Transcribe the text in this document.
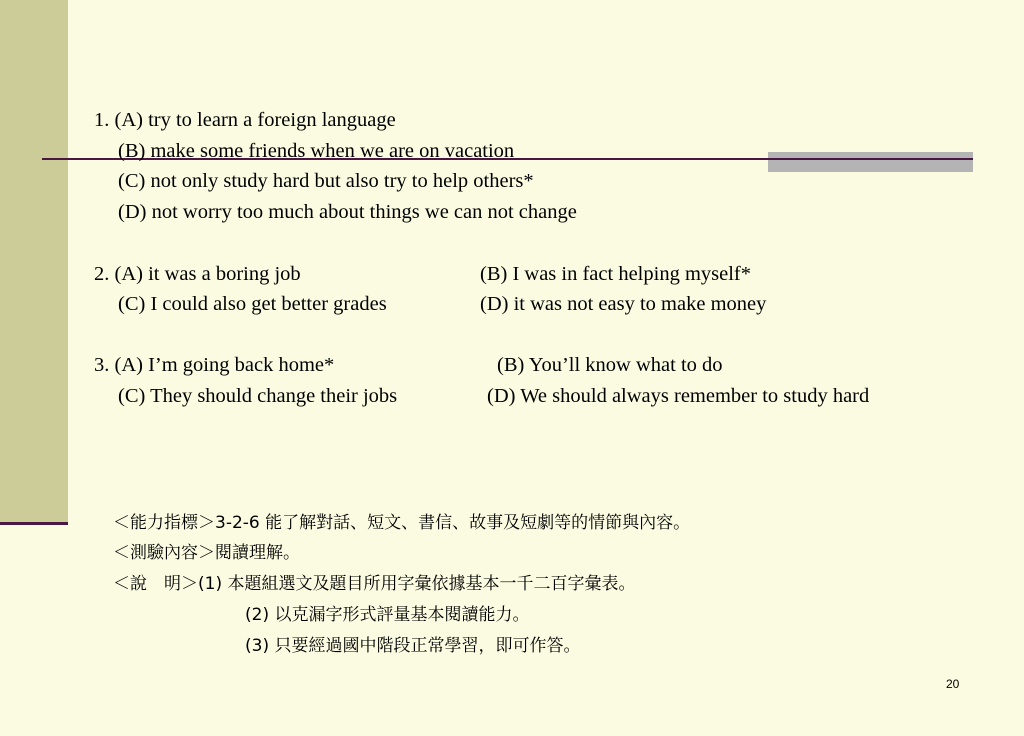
1. (A) try to learn a foreign language
(B) make some friends when we are on vacation
(C) not only study hard but also try to help others*
(D) not worry too much about things we can not change
2. (A) it was a boring job	(B) I was in fact helping myself*
(C) I could also get better grades	(D) it was not easy to make money
3. (A) I’m going back home*	(B) You’ll know what to do
(C) They should change their jobs	(D) We should always remember to study hard
＜能力指標＞3-2-6 能了解對話、短文、書信、故事及短劇等的情節與內容。
＜測驗內容＞閱讀理解。
＜說　明＞(1) 本題組選文及題目所用字彙依據基本一千二百字彙表。
(2) 以克漏字形式評量基本閱讀能力。
(3) 只要經過國中階段正常學習，即可作答。
20
